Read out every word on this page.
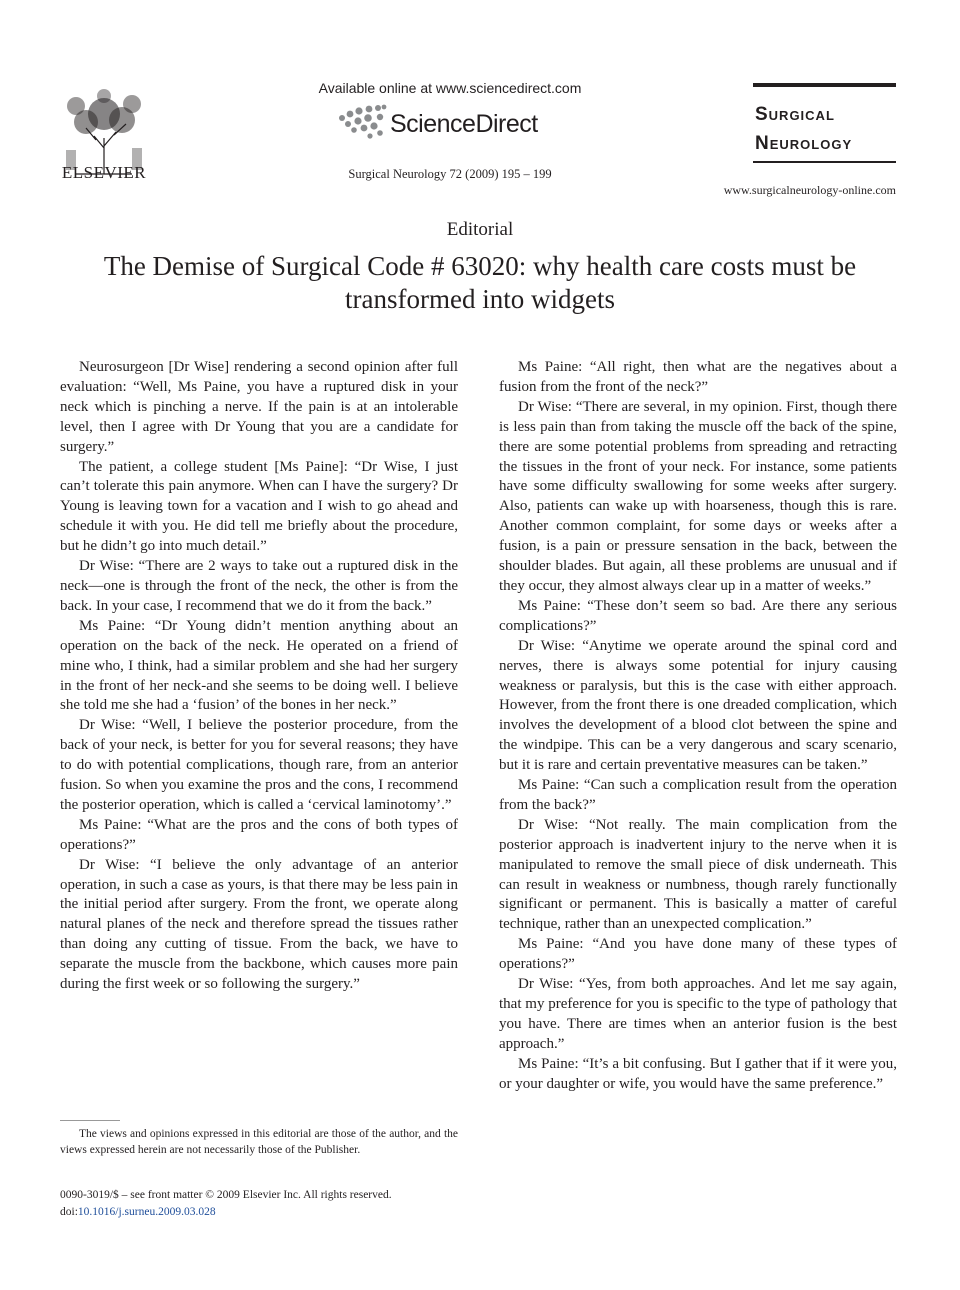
ELSEVIER
Available online at www.sciencedirect.com
ScienceDirect
Surgical Neurology 72 (2009) 195 – 199
Surgical
Neurology
www.surgicalneurology-online.com
Editorial
The Demise of Surgical Code # 63020: why health care costs must be transformed into widgets

Neurosurgeon [Dr Wise] rendering a second opinion after full evaluation: “Well, Ms Paine, you have a ruptured disk in your neck which is pinching a nerve. If the pain is at an intolerable level, then I agree with Dr Young that you are a candidate for surgery.”

The patient, a college student [Ms Paine]: “Dr Wise, I just can’t tolerate this pain anymore. When can I have the surgery? Dr Young is leaving town for a vacation and I wish to go ahead and schedule it with you. He did tell me briefly about the procedure, but he didn’t go into much detail.”

Dr Wise: “There are 2 ways to take out a ruptured disk in the neck—one is through the front of the neck, the other is from the back. In your case, I recommend that we do it from the back.”

Ms Paine: “Dr Young didn’t mention anything about an operation on the back of the neck. He operated on a friend of mine who, I think, had a similar problem and she had her surgery in the front of her neck-and she seems to be doing well. I believe she told me she had a ‘fusion’ of the bones in her neck.”

Dr Wise: “Well, I believe the posterior procedure, from the back of your neck, is better for you for several reasons; they have to do with potential complications, though rare, from an anterior fusion. So when you examine the pros and the cons, I recommend the posterior operation, which is called a ‘cervical laminotomy’.”

Ms Paine: “What are the pros and the cons of both types of operations?”

Dr Wise: “I believe the only advantage of an anterior operation, in such a case as yours, is that there may be less pain in the initial period after surgery. From the front, we operate along natural planes of the neck and therefore spread the tissues rather than doing any cutting of tissue. From the back, we have to separate the muscle from the backbone, which causes more pain during the first week or so following the surgery.”

Ms Paine: “All right, then what are the negatives about a fusion from the front of the neck?”

Dr Wise: “There are several, in my opinion. First, though there is less pain than from taking the muscle off the back of the spine, there are some potential problems from spreading and retracting the tissues in the front of your neck. For instance, some patients have some difficulty swallowing for some weeks after surgery. Also, patients can wake up with hoarseness, though this is rare. Another common complaint, for some days or weeks after a fusion, is a pain or pressure sensation in the back, between the shoulder blades. But again, all these problems are unusual and if they occur, they almost always clear up in a matter of weeks.”

Ms Paine: “These don’t seem so bad. Are there any serious complications?”

Dr Wise: “Anytime we operate around the spinal cord and nerves, there is always some potential for injury causing weakness or paralysis, but this is the case with either approach. However, from the front there is one dreaded complication, which involves the development of a blood clot between the spine and the windpipe. This can be a very dangerous and scary scenario, but it is rare and certain preventative measures can be taken.”

Ms Paine: “Can such a complication result from the operation from the back?”

Dr Wise: “Not really. The main complication from the posterior approach is inadvertent injury to the nerve when it is manipulated to remove the small piece of disk underneath. This can result in weakness or numbness, though rarely functionally significant or permanent. This is basically a matter of careful technique, rather than an unexpected complication.”

Ms Paine: “And you have done many of these types of operations?”

Dr Wise: “Yes, from both approaches. And let me say again, that my preference for you is specific to the type of pathology that you have. There are times when an anterior fusion is the best approach.”

Ms Paine: “It’s a bit confusing. But I gather that if it were you, or your daughter or wife, you would have the same preference.”

The views and opinions expressed in this editorial are those of the author, and the views expressed herein are not necessarily those of the Publisher.

0090-3019/$ – see front matter © 2009 Elsevier Inc. All rights reserved.
doi:10.1016/j.surneu.2009.03.028
